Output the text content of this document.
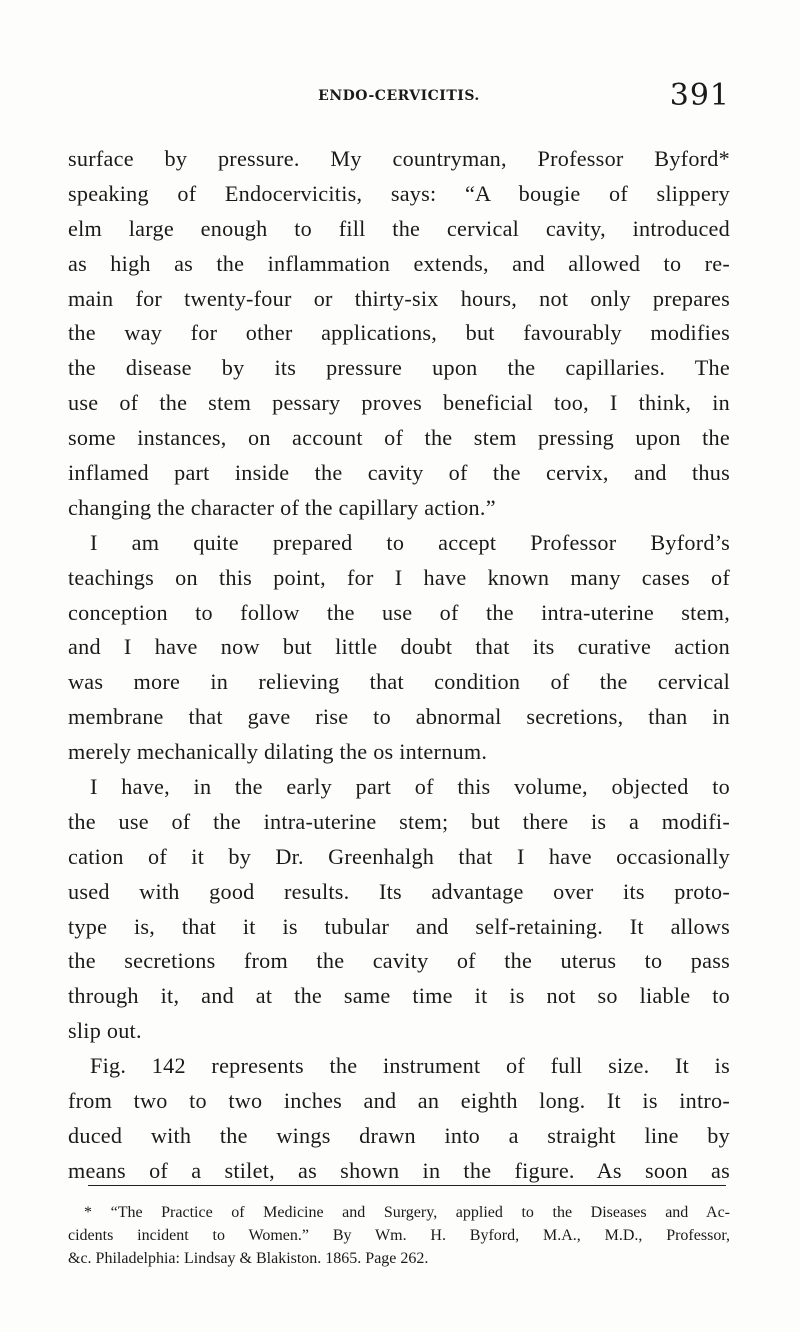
ENDO-CERVICITIS.	391
surface by pressure. My countryman, Professor Byford*
speaking of Endocervicitis, says: “A bougie of slippery
elm large enough to fill the cervical cavity, introduced
as high as the inflammation extends, and allowed to re-
main for twenty-four or thirty-six hours, not only prepares
the way for other applications, but favourably modifies
the disease by its pressure upon the capillaries. The
use of the stem pessary proves beneficial too, I think, in
some instances, on account of the stem pressing upon the
inflamed part inside the cavity of the cervix, and thus
changing the character of the capillary action.”
I am quite prepared to accept Professor Byford’s
teachings on this point, for I have known many cases of
conception to follow the use of the intra-uterine stem,
and I have now but little doubt that its curative action
was more in relieving that condition of the cervical
membrane that gave rise to abnormal secretions, than in
merely mechanically dilating the os internum.
I have, in the early part of this volume, objected to
the use of the intra-uterine stem; but there is a modifi-
cation of it by Dr. Greenhalgh that I have occasionally
used with good results. Its advantage over its proto-
type is, that it is tubular and self-retaining. It allows
the secretions from the cavity of the uterus to pass
through it, and at the same time it is not so liable to
slip out.
Fig. 142 represents the instrument of full size. It is
from two to two inches and an eighth long. It is intro-
duced with the wings drawn into a straight line by
means of a stilet, as shown in the figure. As soon as
* “The Practice of Medicine and Surgery, applied to the Diseases and Ac-
cidents incident to Women.” By Wm. H. Byford, M.A., M.D., Professor,
&c. Philadelphia: Lindsay & Blakiston. 1865. Page 262.
